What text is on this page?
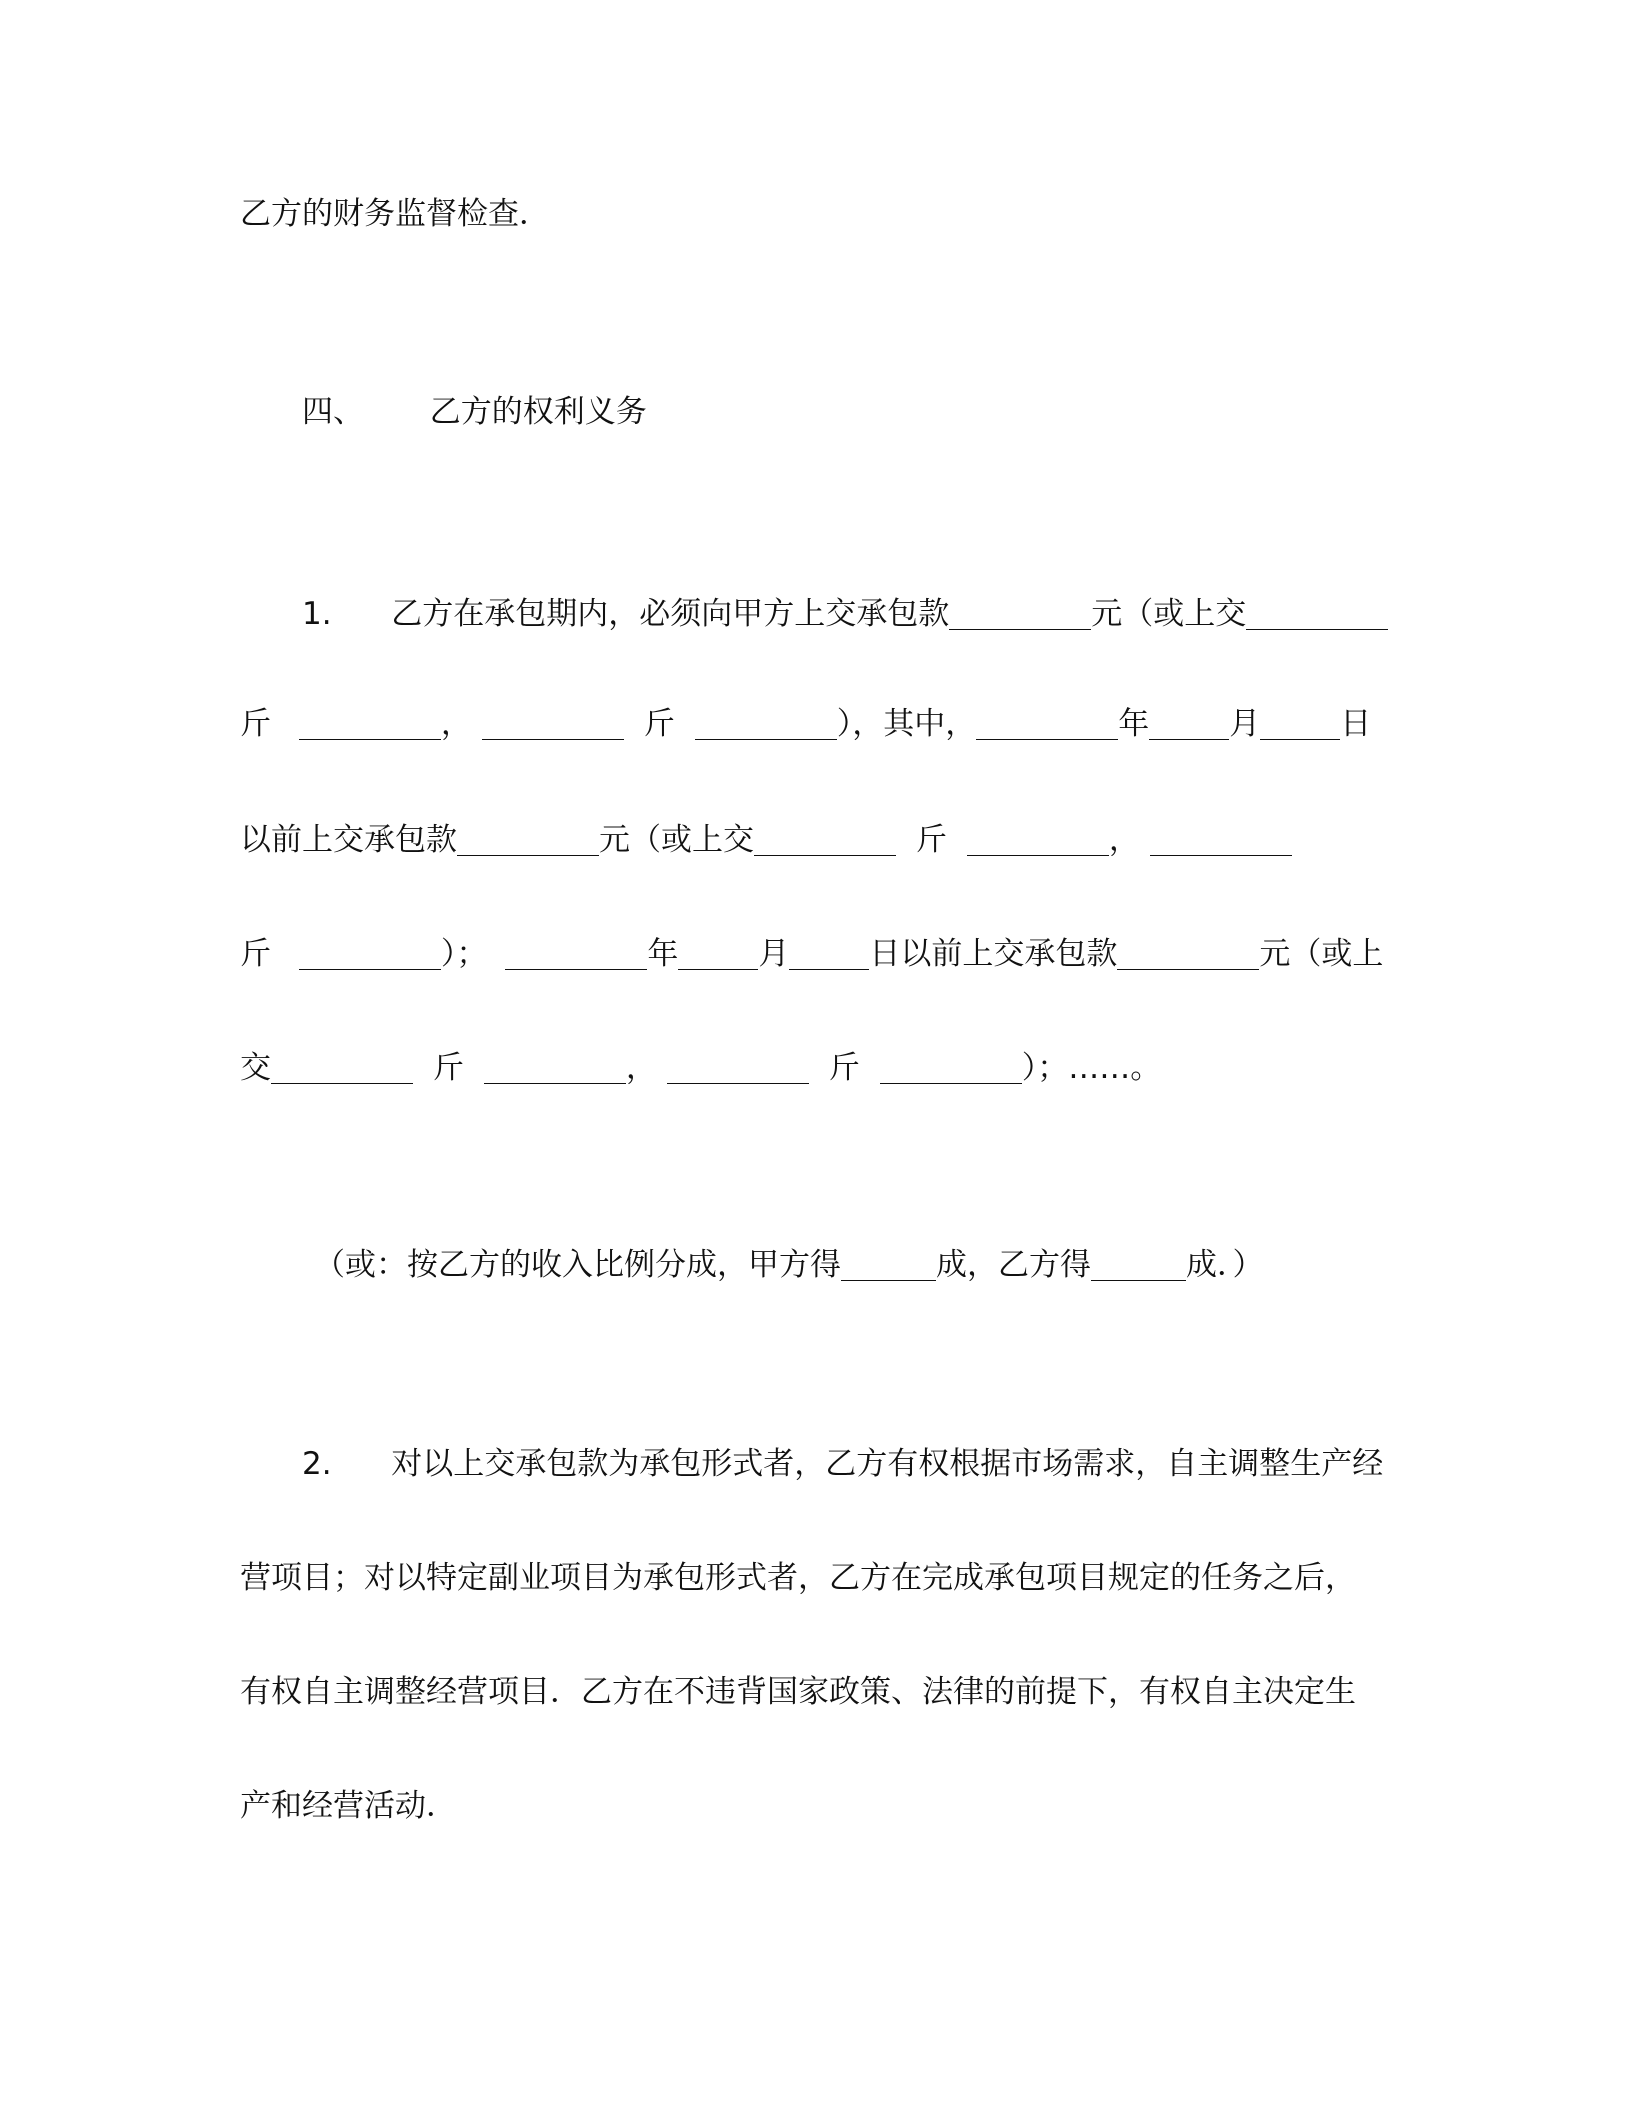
乙方的财务监督检查．
四、 乙方的权利义务
1. 乙方在承包期内，必须向甲方上交承包款	元（或上交
斤	，	斤	），其中，	年	月	日
以前上交承包款	元（或上交	斤	，
斤	）；	年	月	日以前上交承包款	元（或上
交	斤	，	斤	）；……。
（或：按乙方的收入比例分成，甲方得	成，乙方得	成．）
2. 对以上交承包款为承包形式者，乙方有权根据市场需求，自主调整生产经
营项目；对以特定副业项目为承包形式者，乙方在完成承包项目规定的任务之后，
有权自主调整经营项目．乙方在不违背国家政策、法律的前提下，有权自主决定生
产和经营活动．
